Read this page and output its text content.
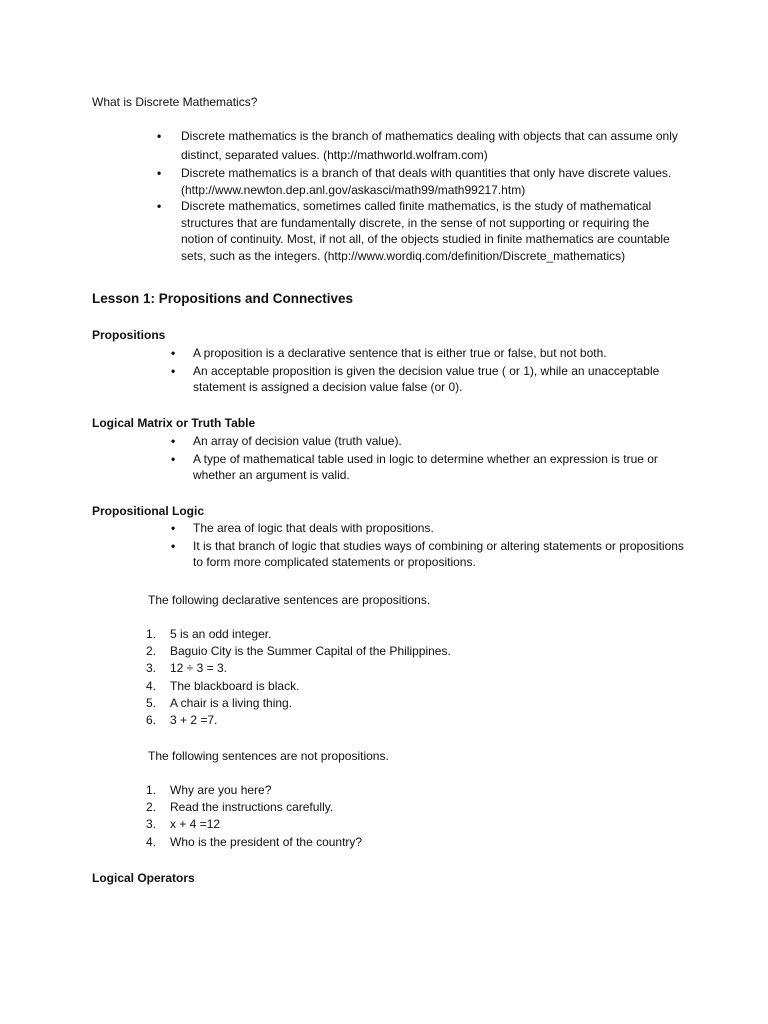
What is Discrete Mathematics?
• Discrete mathematics is the branch of mathematics dealing with objects that can assume only
distinct, separated values. (http://mathworld.wolfram.com)
• Discrete mathematics is a branch of that deals with quantities that only have discrete values.
(http://www.newton.dep.anl.gov/askasci/math99/math99217.htm)
• Discrete mathematics, sometimes called finite mathematics, is the study of mathematical
structures that are fundamentally discrete, in the sense of not supporting or requiring the
notion of continuity. Most, if not all, of the objects studied in finite mathematics are countable
sets, such as the integers. (http://www.wordiq.com/definition/Discrete_mathematics)
Lesson 1: Propositions and Connectives
Propositions
• A proposition is a declarative sentence that is either true or false, but not both.
• An acceptable proposition is given the decision value true ( or 1), while an unacceptable
statement is assigned a decision value false (or 0).
Logical Matrix or Truth Table
• An array of decision value (truth value).
• A type of mathematical table used in logic to determine whether an expression is true or
whether an argument is valid.
Propositional Logic
• The area of logic that deals with propositions.
• It is that branch of logic that studies ways of combining or altering statements or propositions
to form more complicated statements or propositions.
The following declarative sentences are propositions.
1. 5 is an odd integer.
2. Baguio City is the Summer Capital of the Philippines.
3. 12 ÷ 3 = 3.
4. The blackboard is black.
5. A chair is a living thing.
6. 3 + 2 =7.
The following sentences are not propositions.
1. Why are you here?
2. Read the instructions carefully.
3. x + 4 =12
4. Who is the president of the country?
Logical Operators
